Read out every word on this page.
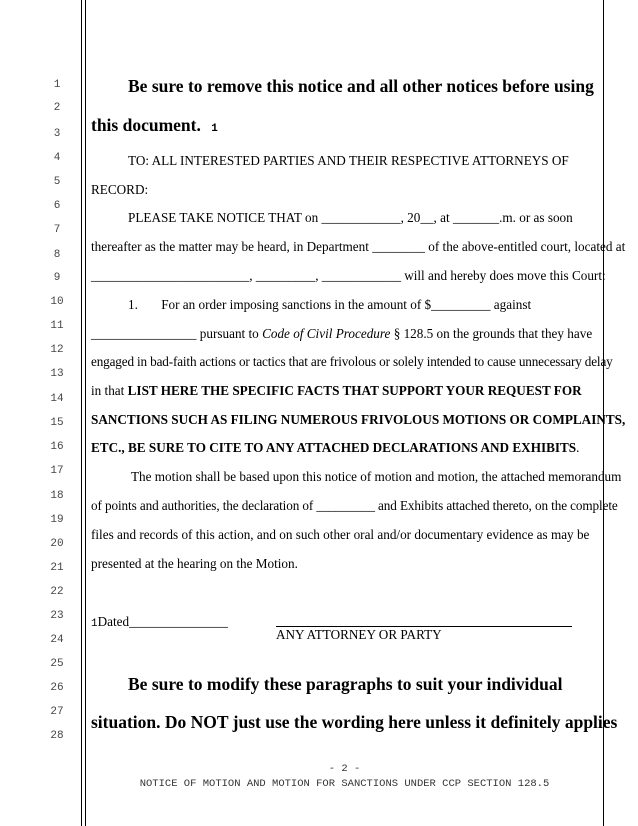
1
2
3
4
5
6
7
8
9
10
11
12
13
14
15
16
17
18
19
20
21
22
23
24
25
26
27
28
Be sure to remove this notice and all other notices before using
this document. 1
TO: ALL INTERESTED PARTIES AND THEIR RESPECTIVE ATTORNEYS OF
RECORD:
PLEASE TAKE NOTICE THAT on ____________, 20__, at _______.m. or as soon
thereafter as the matter may be heard, in Department ________ of the above-entitled court, located at
________________________, _________, ____________ will and hereby does move this Court:
1. For an order imposing sanctions in the amount of $_________ against
________________ pursuant to Code of Civil Procedure § 128.5 on the grounds that they have
engaged in bad-faith actions or tactics that are frivolous or solely intended to cause unnecessary delay
in that LIST HERE THE SPECIFIC FACTS THAT SUPPORT YOUR REQUEST FOR
SANCTIONS SUCH AS FILING NUMEROUS FRIVOLOUS MOTIONS OR COMPLAINTS,
ETC., BE SURE TO CITE TO ANY ATTACHED DECLARATIONS AND EXHIBITS.
The motion shall be based upon this notice of motion and motion, the attached memorandum
of points and authorities, the declaration of _________ and Exhibits attached thereto, on the complete
files and records of this action, and on such other oral and/or documentary evidence as may be
presented at the hearing on the Motion.
1Dated_______________
ANY ATTORNEY OR PARTY
Be sure to modify these paragraphs to suit your individual
situation. Do NOT just use the wording here unless it definitely applies
- 2 -
NOTICE OF MOTION AND MOTION FOR SANCTIONS UNDER CCP SECTION 128.5
